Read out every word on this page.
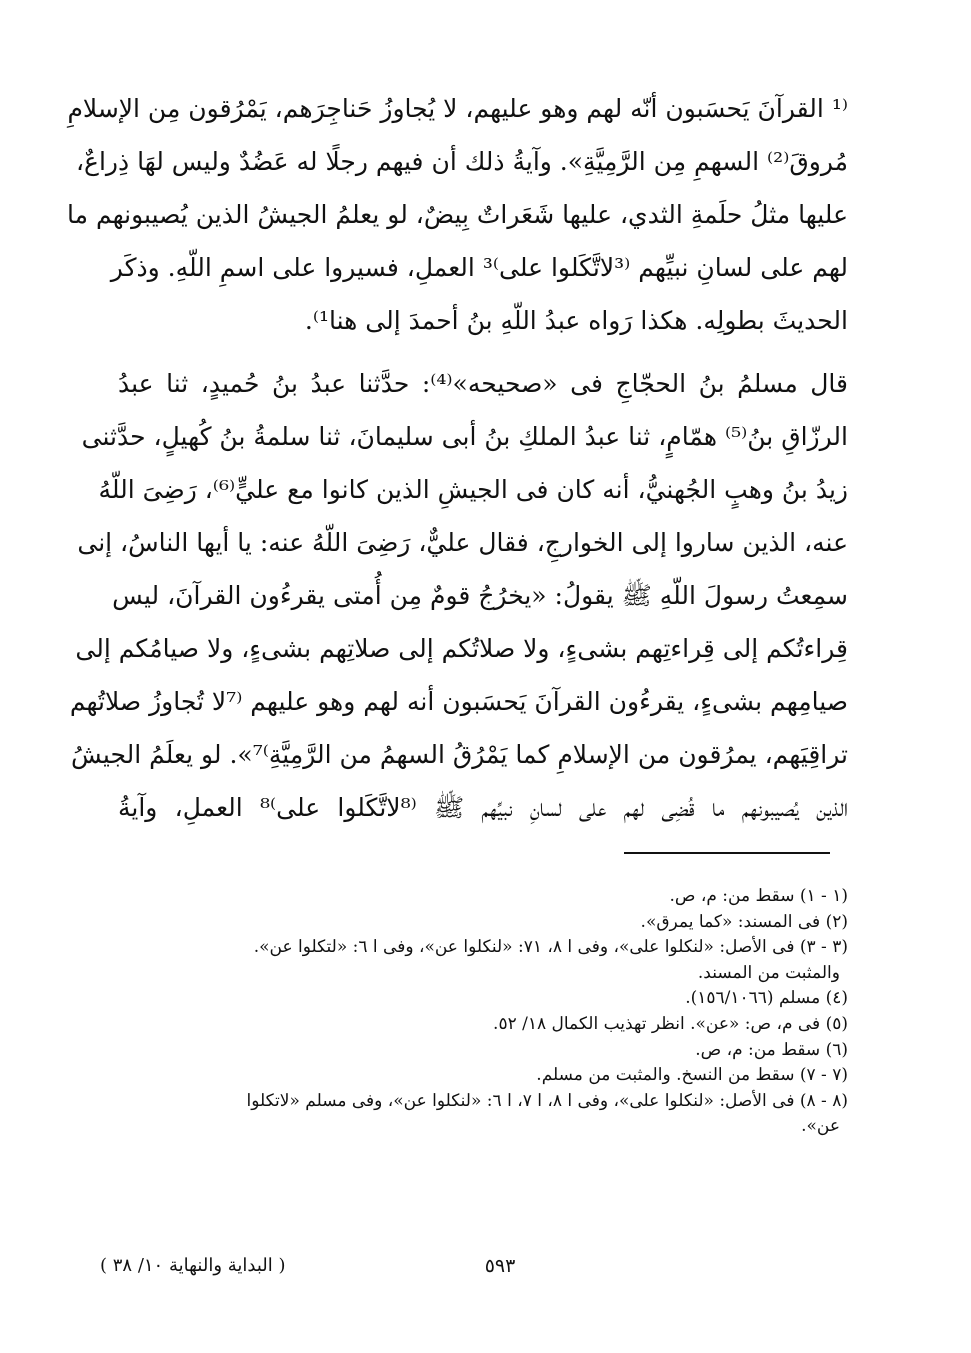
⁽¹ القرآنَ يَحسَبون أنّه لهم وهو عليهم، لا يُجاوزُ حَناجِرَهم، يَمْرُقون مِن الإسلامِ
مُروقَ⁽²⁾ السهمِ مِن الرَّمِيَّةِ». وآيةُ ذلك أن فيهم رجلًا له عَضُدٌ وليس لهَا ذِراعٌ،
عليها مثلُ حلَمةِ الثدي، عليها شَعَراتٌ بِيضٌ، لو يعلمُ الجيشُ الذين يُصيبونهم ما
لهم على لسانِ نبيِّهم ⁽³لاتَّكَلوا على⁾³ العملِ، فسيروا على اسمِ اللّهِ. وذكَر
الحديثَ بطولِه. هكذا رَواه عبدُ اللّهِ بنُ أحمدَ إلى هنا¹⁾.
قال مسلمُ بنُ الحجّاجِ فى «صحيحه»⁽⁴⁾: حدَّثنا عبدُ بنُ حُميدٍ، ثنا عبدُ
الرزّاقِ بنُ⁽⁵⁾ همّامٍ، ثنا عبدُ الملكِ بنُ أبى سليمانَ، ثنا سلمةُ بنُ كُهيلٍ، حدَّثنى
زيدُ بنُ وهبٍ الجُهنيُّ، أنه كان فى الجيشِ الذين كانوا مع عليٍّ⁽⁶⁾، رَضِىَ اللّهُ
عنه، الذين ساروا إلى الخوارجِ، فقال عليٌّ، رَضِىَ اللّهُ عنه: يا أيها الناسُ، إنى
سمِعتُ رسولَ اللّهِ ﷺ يقولُ: «يخرُجُ قومٌ مِن أُمتى يقرءُون القرآنَ، ليس
قِراءتُكم إلى قِراءتِهم بشىءٍ، ولا صلاتُكم إلى صلاتِهم بشىءٍ، ولا صيامُكم إلى
صيامِهم بشىءٍ، يقرءُون القرآنَ يَحسَبون أنه لهم وهو عليهم ⁽⁷لا تُجاوزُ صلاتُهم
تراقِيَهم، يمرُقون من الإسلامِ كما يَمْرُقُ السهمُ من الرَّمِيَّةِ⁾⁷». لو يعلَمُ الجيشُ
الذين يُصيبونهم ما قُضِى لهم على لسانِ نبيِّهم ﷺ ⁽⁸لاتَّكَلوا على⁾⁸ العملِ، وآيةُ
(١ - ١) سقط من: م، ص.
(٢) فى المسند: «كما يمرق».
(٣ - ٣) فى الأصل: «لنكلوا على»، وفى ا ٨، ٧١: «لنكلوا عن»، وفى ا ٦: «لتكلوا عن».
والمثبت من المسند.
(٤) مسلم (١٥٦/١٠٦٦).
(٥) فى م، ص: «عن». انظر تهذيب الكمال ١٨/ ٥٢.
(٦) سقط من: م، ص.
(٧ - ٧) سقط من النسخ. والمثبت من مسلم.
(٨ - ٨) فى الأصل: «لنكلوا على»، وفى ا ٨، ا ٧، ا ٦: «لنكلوا عن»، وفى مسلم «لاتكلوا
عن».
( البداية والنهاية ١٠/ ٣٨ )	٥٩٣
